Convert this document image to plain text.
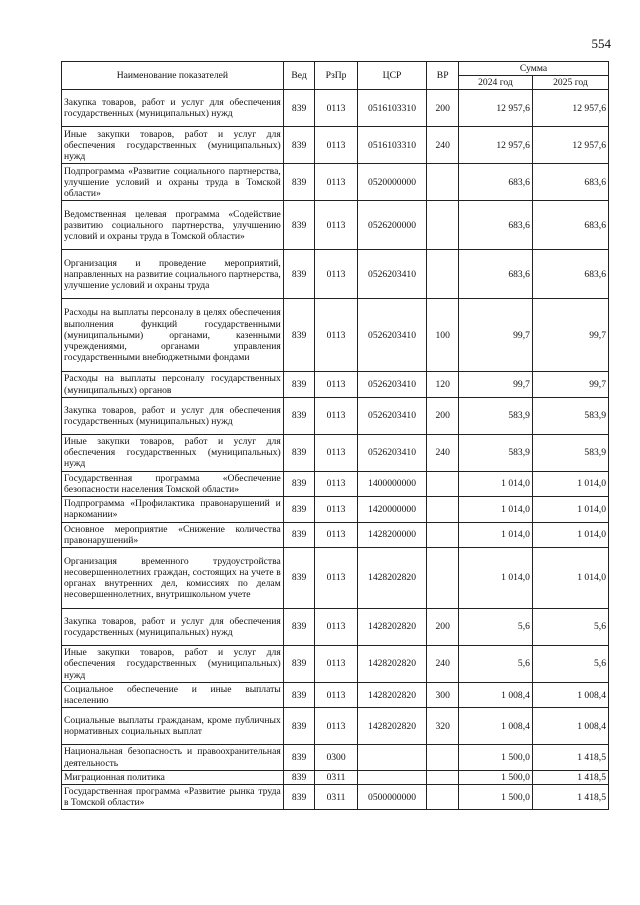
554
Наименование показателей	Вед	РзПр	ЦСР	ВР	Сумма	
					2024 год	2025 год
Закупка товаров, работ и услуг для обеспечения государственных (муниципальных) нужд	839	0113	0516103310	200	12 957,6	12 957,6
Иные закупки товаров, работ и услуг для обеспечения государственных (муниципальных) нужд	839	0113	0516103310	240	12 957,6	12 957,6
Подпрограмма «Развитие социального партнерства, улучшение условий и охраны труда в Томской области»	839	0113	0520000000		683,6	683,6
Ведомственная целевая программа «Содействие развитию социального партнерства, улучшению условий и охраны труда в Томской области»	839	0113	0526200000		683,6	683,6
Организация и проведение мероприятий, направленных на развитие социального партнерства, улучшение условий и охраны труда	839	0113	0526203410		683,6	683,6
Расходы на выплаты персоналу в целях обеспечения выполнения функций государственными (муниципальными) органами, казенными учреждениями, органами управления государственными внебюджетными фондами	839	0113	0526203410	100	99,7	99,7
Расходы на выплаты персоналу государственных (муниципальных) органов	839	0113	0526203410	120	99,7	99,7
Закупка товаров, работ и услуг для обеспечения государственных (муниципальных) нужд	839	0113	0526203410	200	583,9	583,9
Иные закупки товаров, работ и услуг для обеспечения государственных (муниципальных) нужд	839	0113	0526203410	240	583,9	583,9
Государственная программа «Обеспечение безопасности населения Томской области»	839	0113	1400000000		1 014,0	1 014,0
Подпрограмма «Профилактика правонарушений и наркомании»	839	0113	1420000000		1 014,0	1 014,0
Основное мероприятие «Снижение количества правонарушений»	839	0113	1428200000		1 014,0	1 014,0
Организация временного трудоустройства несовершеннолетних граждан, состоящих на учете в органах внутренних дел, комиссиях по делам несовершеннолетних, внутришкольном учете	839	0113	1428202820		1 014,0	1 014,0
Закупка товаров, работ и услуг для обеспечения государственных (муниципальных) нужд	839	0113	1428202820	200	5,6	5,6
Иные закупки товаров, работ и услуг для обеспечения государственных (муниципальных) нужд	839	0113	1428202820	240	5,6	5,6
Социальное обеспечение и иные выплаты населению	839	0113	1428202820	300	1 008,4	1 008,4
Социальные выплаты гражданам, кроме публичных нормативных социальных выплат	839	0113	1428202820	320	1 008,4	1 008,4
Национальная безопасность и правоохранительная деятельность	839	0300			1 500,0	1 418,5
Миграционная политика	839	0311			1 500,0	1 418,5
Государственная программа «Развитие рынка труда в Томской области»	839	0311	0500000000		1 500,0	1 418,5
